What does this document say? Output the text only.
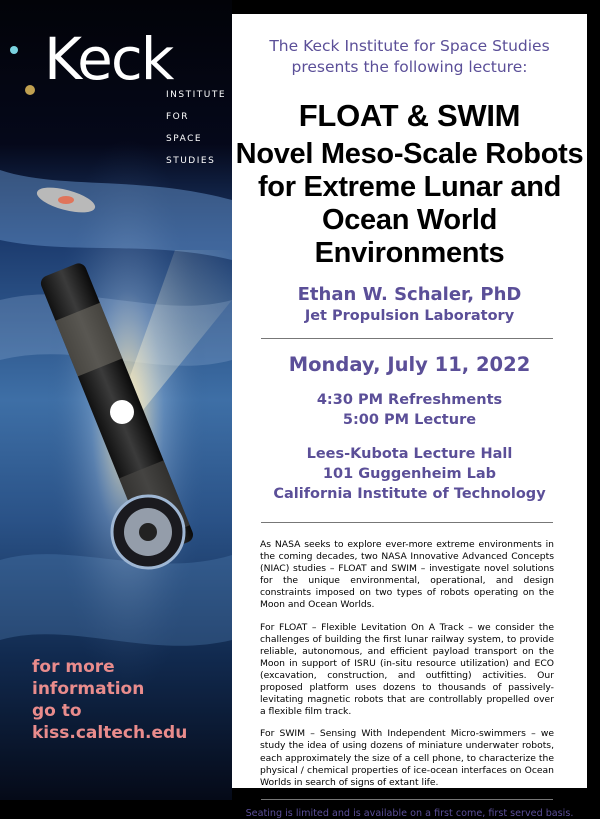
Keck
INSTITUTE
FOR
SPACE
STUDIES
for more
information
go to
kiss.caltech.edu
The Keck Institute for Space Studies
presents the following lecture:
FLOAT & SWIM
Novel Meso-Scale Robots
for Extreme Lunar and
Ocean World
Environments
Ethan W. Schaler, PhD
Jet Propulsion Laboratory
Monday, July 11, 2022
4:30 PM Refreshments
5:00 PM Lecture
Lees-Kubota Lecture Hall
101 Guggenheim Lab
California Institute of Technology

As NASA seeks to explore ever-more extreme environments in the coming decades, two NASA Innovative Advanced Concepts (NIAC) studies – FLOAT and SWIM – investigate novel solutions for the unique environmental, operational, and design constraints imposed on two types of robots operating on the Moon and Ocean Worlds.

For FLOAT – Flexible Levitation On A Track – we consider the challenges of building the first lunar railway system, to provide reliable, autonomous, and efficient payload transport on the Moon in support of ISRU (in-situ resource utilization) and ECO (excavation, construction, and outfitting) activities. Our proposed platform uses dozens to thousands of passively-levitating magnetic robots that are controllably propelled over a flexible film track.

For SWIM – Sensing With Independent Micro-swimmers – we study the idea of using dozens of miniature underwater robots, each approximately the size of a cell phone, to characterize the physical / chemical properties of ice-ocean interfaces on Ocean Worlds in search of signs of extant life.

Seating is limited and is available on a first come, first served basis.
